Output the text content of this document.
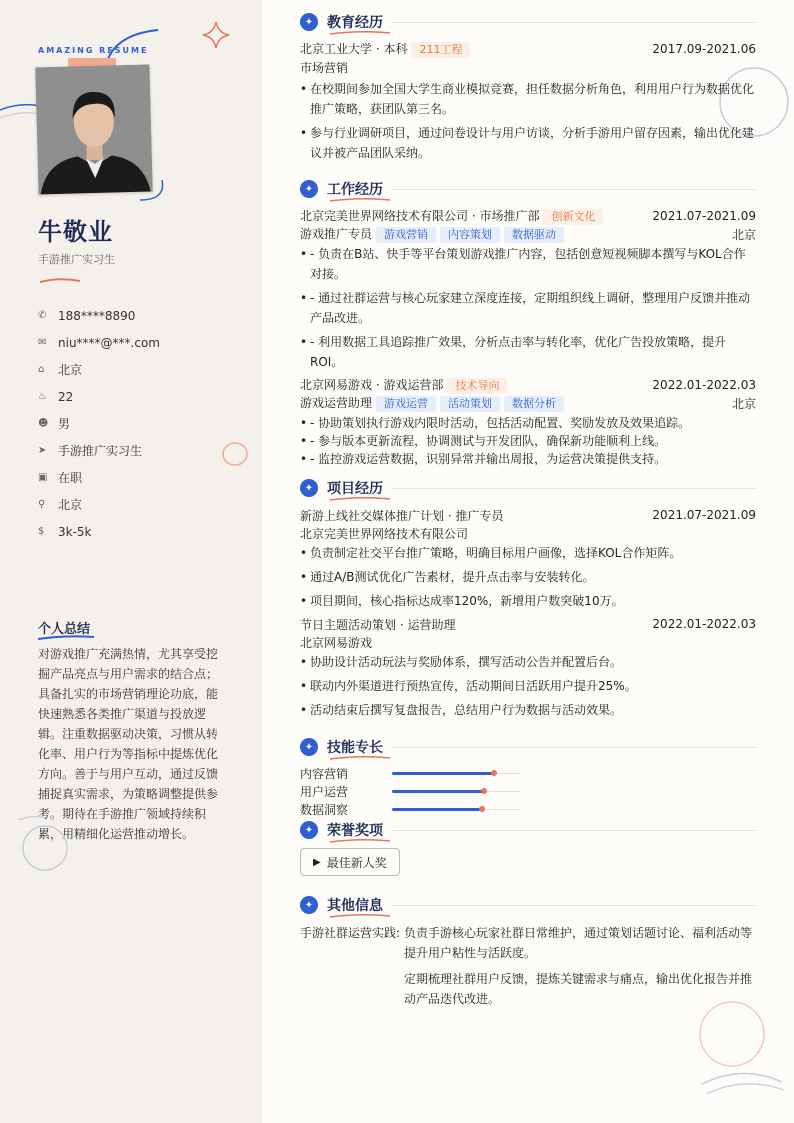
AMAZING RESUME
牛敬业
手游推广实习生
✆ 188****8890
✉ niu****@***.com
⌂	北京
♨ 22
☻ 男
➤ 手游推广实习生
▣ 在职
⚲	北京
$	3k-5k
个人总结
对游戏推广充满热情，尤其享受挖掘产品亮点与用户需求的结合点；具备扎实的市场营销理论功底，能快速熟悉各类推广渠道与投放逻辑。注重数据驱动决策，习惯从转化率、用户行为等指标中提炼优化方向。善于与用户互动，通过反馈捕捉真实需求，为策略调整提供参考。期待在手游推广领域持续积累，用精细化运营推动增长。
✦ 教育经历
北京工业大学 · 本科 211工程	2017.09-2021.06
市场营销
• 在校期间参加全国大学生商业模拟竞赛，担任数据分析角色，利用用户行为数据优化推广策略，获团队第三名。
• 参与行业调研项目，通过问卷设计与用户访谈，分析手游用户留存因素，输出优化建议并被产品团队采纳。
✦ 工作经历
北京完美世界网络技术有限公司 · 市场推广部 创新文化	2021.07-2021.09
游戏推广专员 游戏营销 内容策划 数据驱动	北京
• - 负责在B站、快手等平台策划游戏推广内容，包括创意短视频脚本撰写与KOL合作对接。
• - 通过社群运营与核心玩家建立深度连接，定期组织线上调研，整理用户反馈并推动产品改进。
• - 利用数据工具追踪推广效果，分析点击率与转化率，优化广告投放策略，提升ROI。
北京网易游戏 · 游戏运营部 技术导向	2022.01-2022.03
游戏运营助理 游戏运营 活动策划 数据分析	北京
• - 协助策划执行游戏内限时活动，包括活动配置、奖励发放及效果追踪。
• - 参与版本更新流程，协调测试与开发团队，确保新功能顺利上线。
• - 监控游戏运营数据，识别异常并输出周报，为运营决策提供支持。
✦ 项目经历
新游上线社交媒体推广计划 · 推广专员	2021.07-2021.09
北京完美世界网络技术有限公司
• 负责制定社交平台推广策略，明确目标用户画像，选择KOL合作矩阵。
• 通过A/B测试优化广告素材，提升点击率与安装转化。
• 项目期间，核心指标达成率120%，新增用户数突破10万。
节日主题活动策划 · 运营助理	2022.01-2022.03
北京网易游戏
• 协助设计活动玩法与奖励体系，撰写活动公告并配置后台。
• 联动内外渠道进行预热宣传，活动期间日活跃用户提升25%。
• 活动结束后撰写复盘报告，总结用户行为数据与活动效果。
✦ 技能专长
内容营销
用户运营
数据洞察
✦ 荣誉奖项
▶ 最佳新人奖
✦ 其他信息
手游社群运营实践: 负责手游核心玩家社群日常维护，通过策划话题讨论、福利活动等提升用户粘性与活跃度。

定期梳理社群用户反馈，提炼关键需求与痛点，输出优化报告并推动产品迭代改进。
